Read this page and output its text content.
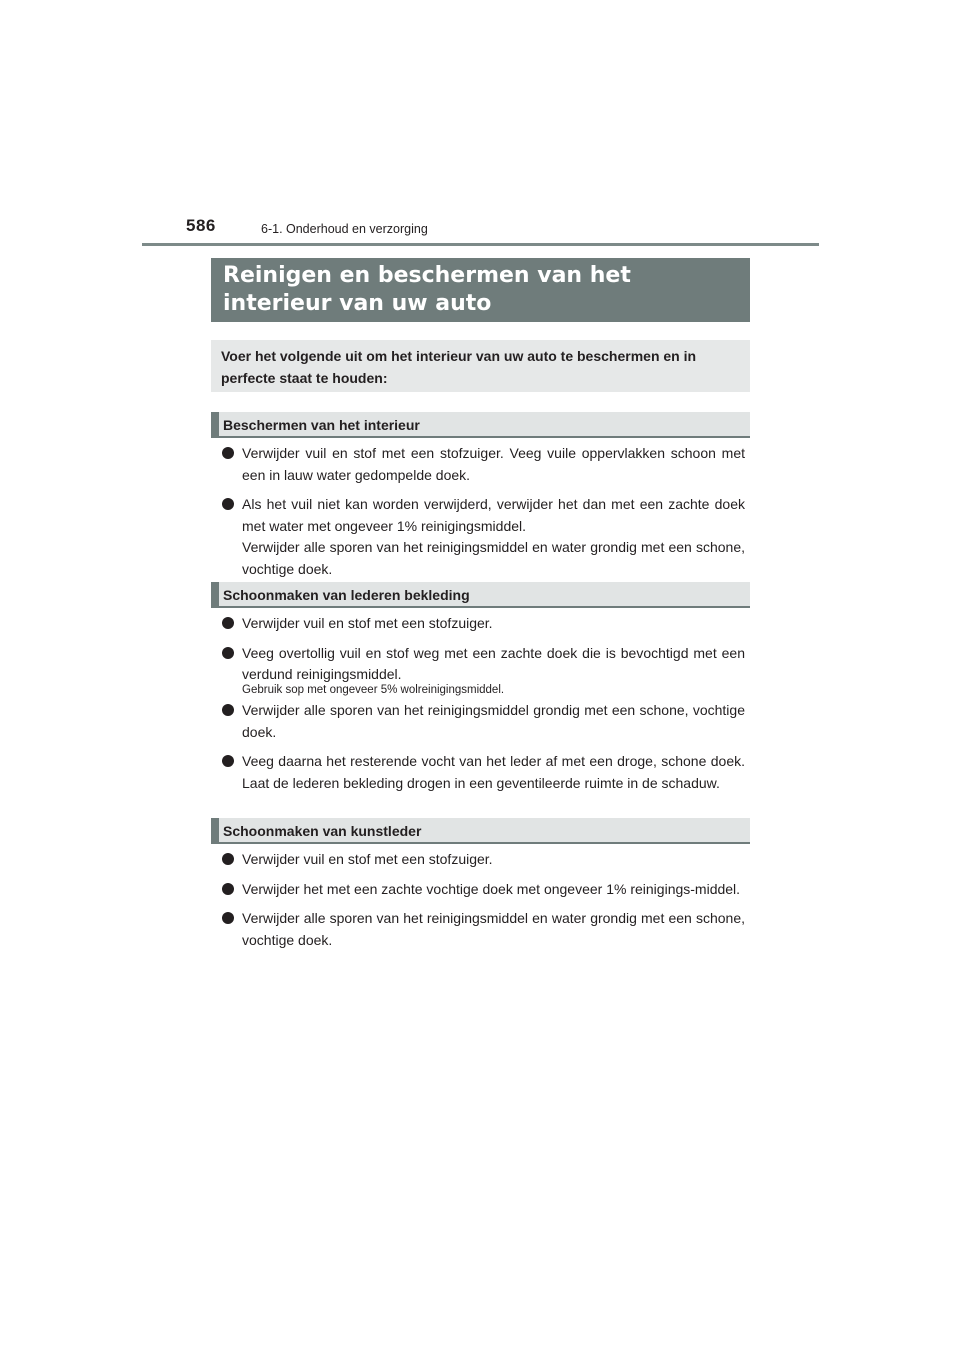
586	6-1. Onderhoud en verzorging
Reinigen en beschermen van het interieur van uw auto
Voer het volgende uit om het interieur van uw auto te beschermen en in perfecte staat te houden:
Beschermen van het interieur
Verwijder vuil en stof met een stofzuiger. Veeg vuile oppervlakken schoon met een in lauw water gedompelde doek.
Als het vuil niet kan worden verwijderd, verwijder het dan met een zachte doek met water met ongeveer 1% reinigingsmiddel.
Verwijder alle sporen van het reinigingsmiddel en water grondig met een schone, vochtige doek.
Schoonmaken van lederen bekleding
Verwijder vuil en stof met een stofzuiger.
Veeg overtollig vuil en stof weg met een zachte doek die is bevochtigd met een verdund reinigingsmiddel.
Gebruik sop met ongeveer 5% wolreinigingsmiddel.
Verwijder alle sporen van het reinigingsmiddel grondig met een schone, vochtige doek.
Veeg daarna het resterende vocht van het leder af met een droge, schone doek. Laat de lederen bekleding drogen in een geventileerde ruimte in de schaduw.
Schoonmaken van kunstleder
Verwijder vuil en stof met een stofzuiger.
Verwijder het met een zachte vochtige doek met ongeveer 1% reinigings-middel.
Verwijder alle sporen van het reinigingsmiddel en water grondig met een schone, vochtige doek.
